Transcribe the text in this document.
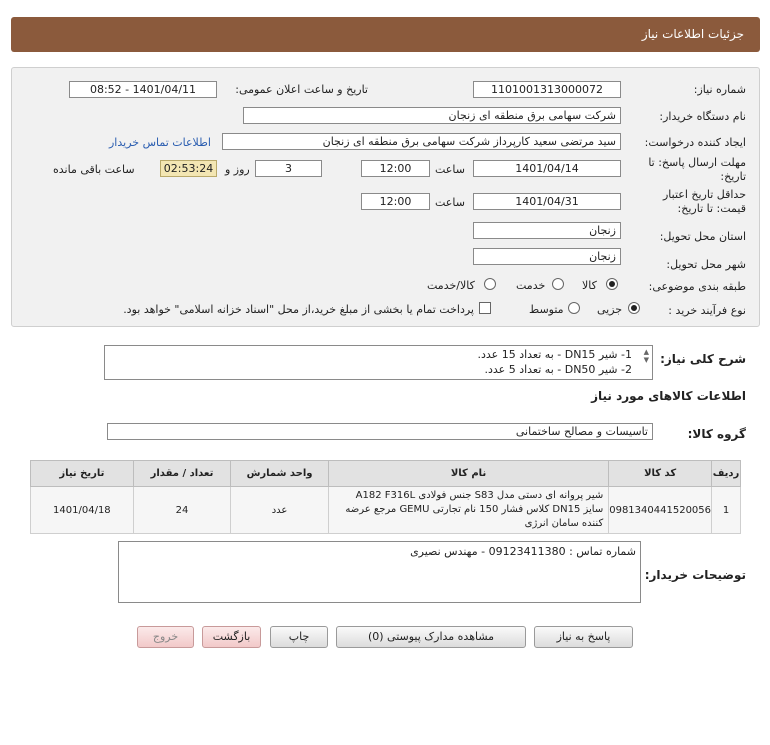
جزئیات اطلاعات نیاز
شماره نیاز:
1101001313000072
تاریخ و ساعت اعلان عمومی:
1401/04/11 - 08:52
نام دستگاه خریدار:
شرکت سهامی برق منطقه ای زنجان
ایجاد کننده درخواست:
سید مرتضی سعید کارپرداز شرکت سهامی برق منطقه ای زنجان
اطلاعات تماس خریدار
مهلت ارسال پاسخ: تا
تاریخ:
1401/04/14
ساعت
12:00
3
روز و
02:53:24
ساعت باقی مانده
حداقل تاریخ اعتبار
قیمت: تا تاریخ:
1401/04/31
ساعت
12:00
استان محل تحویل:
زنجان
شهر محل تحویل:
زنجان
طبقه بندی موضوعی:
کالا
خدمت
کالا/خدمت
نوع فرآیند خرید :
جزیی
متوسط
پرداخت تمام یا بخشی از مبلغ خرید،از محل "اسناد خزانه اسلامی" خواهد بود.
شرح کلی نیاز:
1- شیر DN15 - به تعداد 15 عدد.
2- شیر DN50 - به تعداد 5 عدد.
▲
▼
اطلاعات کالاهای مورد نیاز
گروه کالا:
تاسیسات و مصالح ساختمانی
ردیف	کد کالا	نام کالا	واحد شمارش	تعداد / مقدار	تاریخ نیاز
1	0981340441520056	شیر پروانه ای دستی مدل S83 جنس فولادی A182 F316L سایز DN15 کلاس فشار 150 نام تجارتی GEMU مرجع عرضه کننده سامان انرژی	عدد	24	1401/04/18
توضیحات خریدار:
شماره تماس : 09123411380 - مهندس نصیری
پاسخ به نیاز
مشاهده مدارک پیوستی (0)
چاپ
بازگشت
خروج
